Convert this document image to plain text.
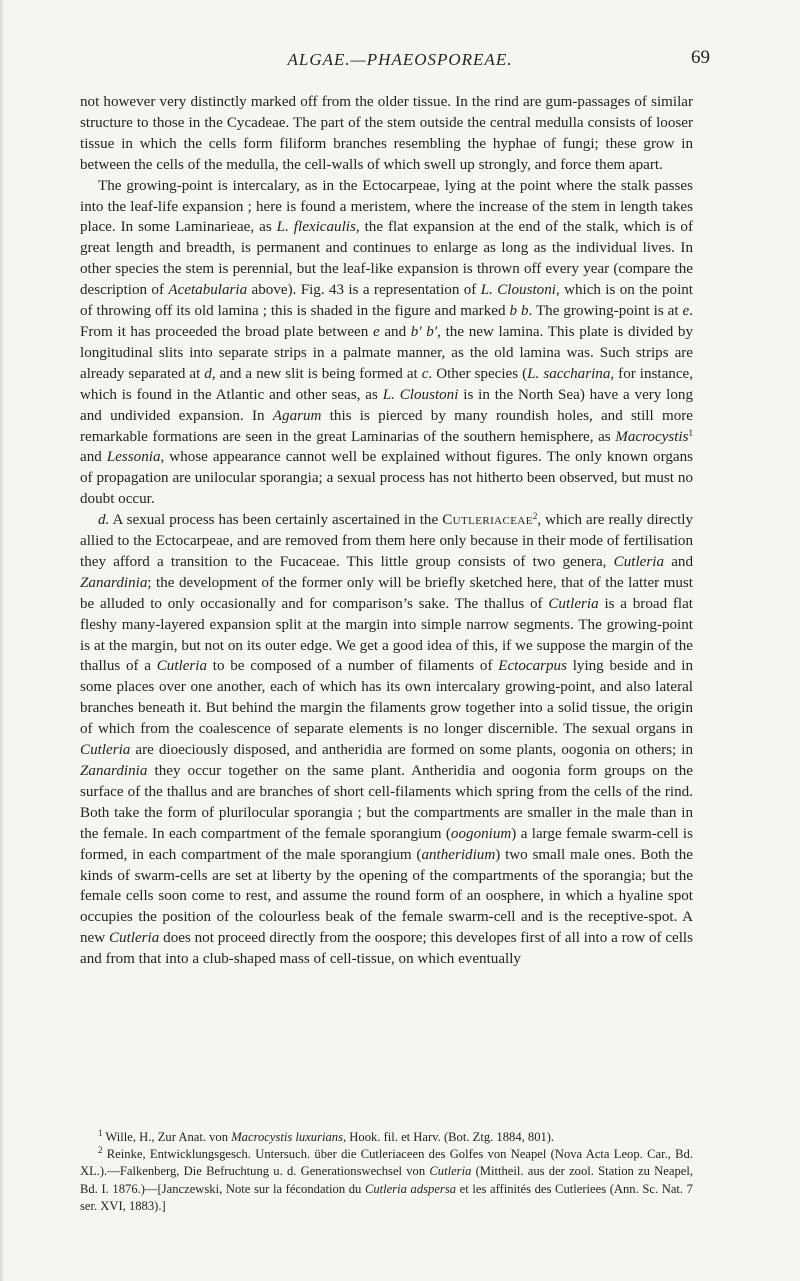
ALGAE.—PHAEOSPOREAE.	69

not however very distinctly marked off from the older tissue. In the rind are gum-passages of similar structure to those in the Cycadeae. The part of the stem outside the central medulla consists of looser tissue in which the cells form filiform branches resembling the hyphae of fungi; these grow in between the cells of the medulla, the cell-walls of which swell up strongly, and force them apart.

The growing-point is intercalary, as in the Ectocarpeae, lying at the point where the stalk passes into the leaf-life expansion ; here is found a meristem, where the increase of the stem in length takes place. In some Laminarieae, as L. flexicaulis, the flat expansion at the end of the stalk, which is of great length and breadth, is permanent and continues to enlarge as long as the individual lives. In other species the stem is perennial, but the leaf-like expansion is thrown off every year (compare the description of Acetabularia above). Fig. 43 is a representation of L. Cloustoni, which is on the point of throwing off its old lamina ; this is shaded in the figure and marked b b. The growing-point is at e. From it has proceeded the broad plate between e and b′ b′, the new lamina. This plate is divided by longitudinal slits into separate strips in a palmate manner, as the old lamina was. Such strips are already separated at d, and a new slit is being formed at c. Other species (L. saccharina, for instance, which is found in the Atlantic and other seas, as L. Cloustoni is in the North Sea) have a very long and undivided expansion. In Agarum this is pierced by many roundish holes, and still more remarkable formations are seen in the great Laminarias of the southern hemisphere, as Macrocystis$^1$ and Lessonia, whose appearance cannot well be explained without figures. The only known organs of propagation are unilocular sporangia; a sexual process has not hitherto been observed, but must no doubt occur.

d. A sexual process has been certainly ascertained in the Cutleriaceae$^2$, which are really directly allied to the Ectocarpeae, and are removed from them here only because in their mode of fertilisation they afford a transition to the Fucaceae. This little group consists of two genera, Cutleria and Zanardinia; the development of the former only will be briefly sketched here, that of the latter must be alluded to only occasionally and for comparison’s sake. The thallus of Cutleria is a broad flat fleshy many-layered expansion split at the margin into simple narrow segments. The growing-point is at the margin, but not on its outer edge. We get a good idea of this, if we suppose the margin of the thallus of a Cutleria to be composed of a number of filaments of Ectocarpus lying beside and in some places over one another, each of which has its own intercalary growing-point, and also lateral branches beneath it. But behind the margin the filaments grow together into a solid tissue, the origin of which from the coalescence of separate elements is no longer discernible. The sexual organs in Cutleria are dioeciously disposed, and antheridia are formed on some plants, oogonia on others; in Zanardinia they occur together on the same plant. Antheridia and oogonia form groups on the surface of the thallus and are branches of short cell-filaments which spring from the cells of the rind. Both take the form of plurilocular sporangia ; but the compartments are smaller in the male than in the female. In each compartment of the female sporangium (oogonium) a large female swarm-cell is formed, in each compartment of the male sporangium (antheridium) two small male ones. Both the kinds of swarm-cells are set at liberty by the opening of the compartments of the sporangia; but the female cells soon come to rest, and assume the round form of an oosphere, in which a hyaline spot occupies the position of the colourless beak of the female swarm-cell and is the receptive-spot. A new Cutleria does not proceed directly from the oospore; this developes first of all into a row of cells and from that into a club-shaped mass of cell-tissue, on which eventually

$^1$ Wille, H., Zur Anat. von Macrocystis luxurians, Hook. fil. et Harv. (Bot. Ztg. 1884, 801).

$^2$ Reinke, Entwicklungsgesch. Untersuch. über die Cutleriaceen des Golfes von Neapel (Nova Acta Leop. Car., Bd. XL.).—Falkenberg, Die Befruchtung u. d. Generationswechsel von Cutleria (Mittheil. aus der zool. Station zu Neapel, Bd. I. 1876.)—[Janczewski, Note sur la fécondation du Cutleria adspersa et les affinités des Cutleriees (Ann. Sc. Nat. 7 ser. XVI, 1883).]
